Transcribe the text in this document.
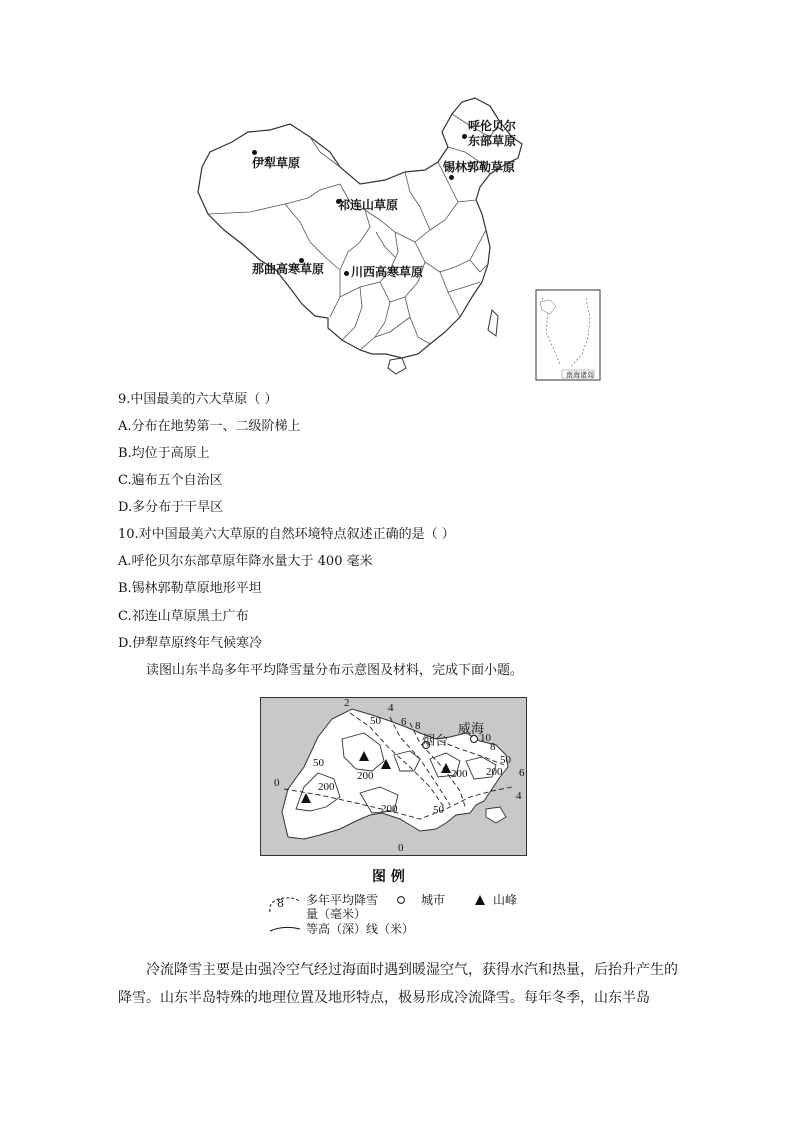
伊犁草原
呼伦贝尔
东部草原
锡林郭勒草原
祁连山草原
那曲高寒草原 川西高寒草原
南海诸岛
9.中国最美的六大草原（ ）
A.分布在地势第一、二级阶梯上
B.均位于高原上
C.遍布五个自治区
D.多分布于干旱区
10.对中国最美六大草原的自然环境特点叙述正确的是（ ）
A.呼伦贝尔东部草原年降水量大于 400 毫米
B.锡林郭勒草原地形平坦
C.祁连山草原黑土广布
D.伊犁草原终年气候寒冷
读图山东半岛多年平均降雪量分布示意图及材料，完成下面小题。
威海
烟台
2	4
50 6 8
10
8
50
200
200
200
50
6
0	200
200	50
4
0
图 例
8 多年平均降雪
量（毫米）
城市	山峰
等高（深）线（米）
冷流降雪主要是由强冷空气经过海面时遇到暖湿空气，获得水汽和热量，后抬升产生的降雪。山东半岛特殊的地理位置及地形特点，极易形成冷流降雪。每年冬季，山东半岛
